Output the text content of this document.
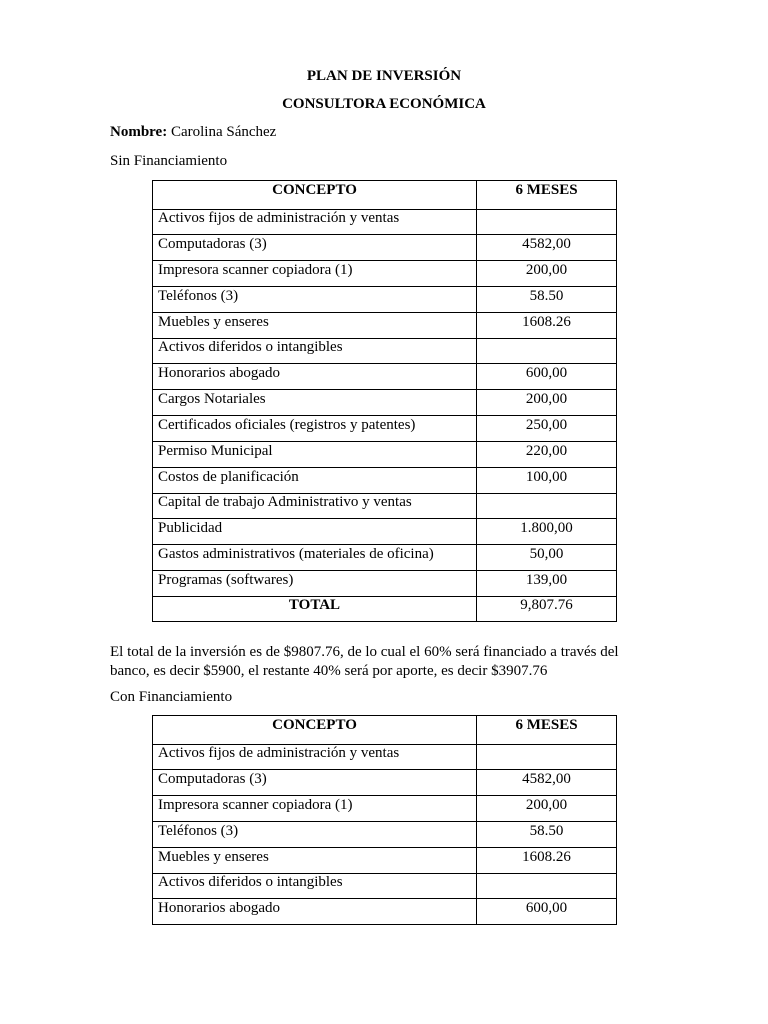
PLAN DE INVERSIÓN
CONSULTORA ECONÓMICA
Nombre: Carolina Sánchez
Sin Financiamiento
CONCEPTO	6 MESES
Activos fijos de administración y ventas	
Computadoras (3)	4582,00
Impresora scanner copiadora (1)	200,00
Teléfonos (3)	58.50
Muebles y enseres	1608.26
Activos diferidos o intangibles	
Honorarios abogado	600,00
Cargos Notariales	200,00
Certificados oficiales (registros y patentes)	250,00
Permiso Municipal	220,00
Costos de planificación	100,00
Capital de trabajo Administrativo y ventas	
Publicidad	1.800,00
Gastos administrativos (materiales de oficina)	50,00
Programas (softwares)	139,00
TOTAL	9,807.76
El total de la inversión es de $9807.76, de lo cual el 60% será financiado a través del banco, es decir $5900, el restante 40% será por aporte, es decir $3907.76
Con Financiamiento
CONCEPTO	6 MESES
Activos fijos de administración y ventas	
Computadoras (3)	4582,00
Impresora scanner copiadora (1)	200,00
Teléfonos (3)	58.50
Muebles y enseres	1608.26
Activos diferidos o intangibles	
Honorarios abogado	600,00
